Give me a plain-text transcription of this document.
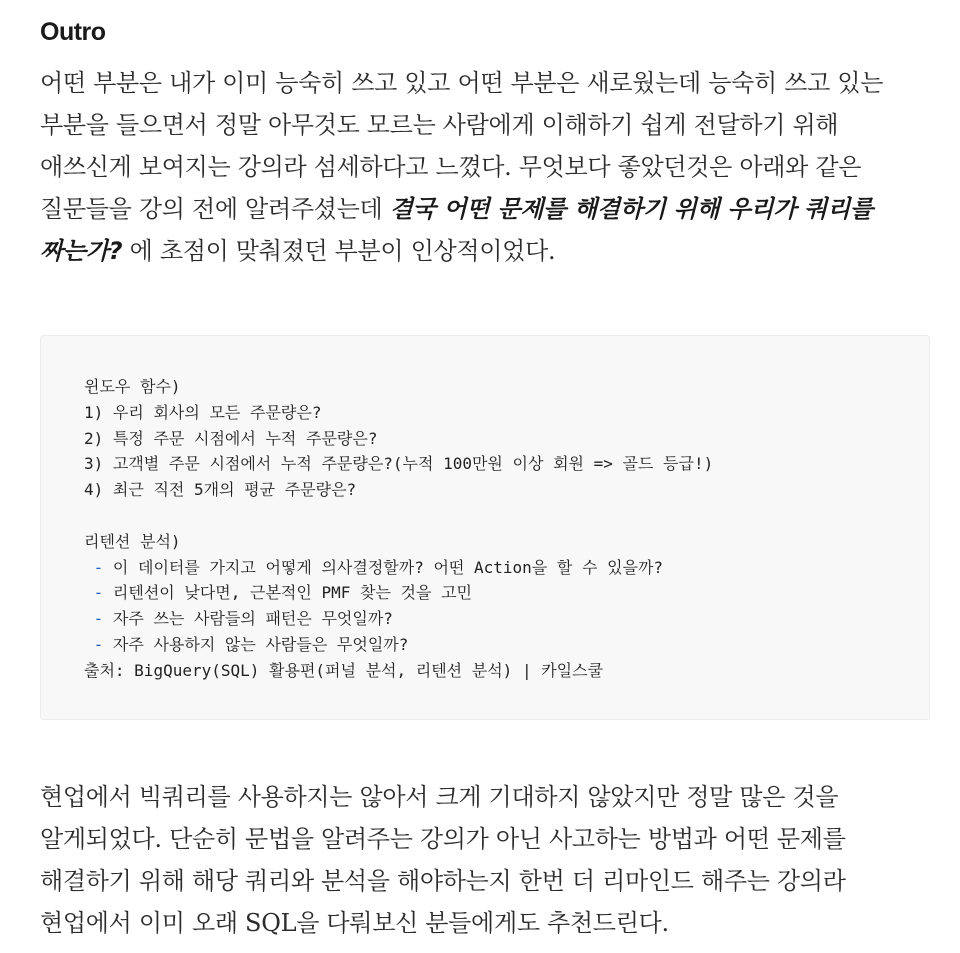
Outro

어떤 부분은 내가 이미 능숙히 쓰고 있고 어떤 부분은 새로웠는데 능숙히 쓰고 있는 부분을 들으면서 정말 아무것도 모르는 사람에게 이해하기 쉽게 전달하기 위해 애쓰신게 보여지는 강의라 섬세하다고 느꼈다. 무엇보다 좋았던것은 아래와 같은 질문들을 강의 전에 알려주셨는데 결국 어떤 문제를 해결하기 위해 우리가 쿼리를 짜는가? 에 초점이 맞춰졌던 부분이 인상적이었다.

윈도우 함수)
1) 우리 회사의 모든 주문량은?
2) 특정 주문 시점에서 누적 주문량은?
3) 고객별 주문 시점에서 누적 주문량은?(누적 100만원 이상 회원 => 골드 등급!)
4) 최근 직전 5개의 평균 주문량은?
리텐션 분석)
- 이 데이터를 가지고 어떻게 의사결정할까? 어떤 Action을 할 수 있을까?
- 리텐션이 낮다면, 근본적인 PMF 찾는 것을 고민
- 자주 쓰는 사람들의 패턴은 무엇일까?
- 자주 사용하지 않는 사람들은 무엇일까?
출처: BigQuery(SQL) 활용편(퍼널 분석, 리텐션 분석) | 카일스쿨

현업에서 빅쿼리를 사용하지는 않아서 크게 기대하지 않았지만 정말 많은 것을 알게되었다. 단순히 문법을 알려주는 강의가 아닌 사고하는 방법과 어떤 문제를 해결하기 위해 해당 쿼리와 분석을 해야하는지 한번 더 리마인드 해주는 강의라 현업에서 이미 오래 SQL을 다뤄보신 분들에게도 추천드린다.
